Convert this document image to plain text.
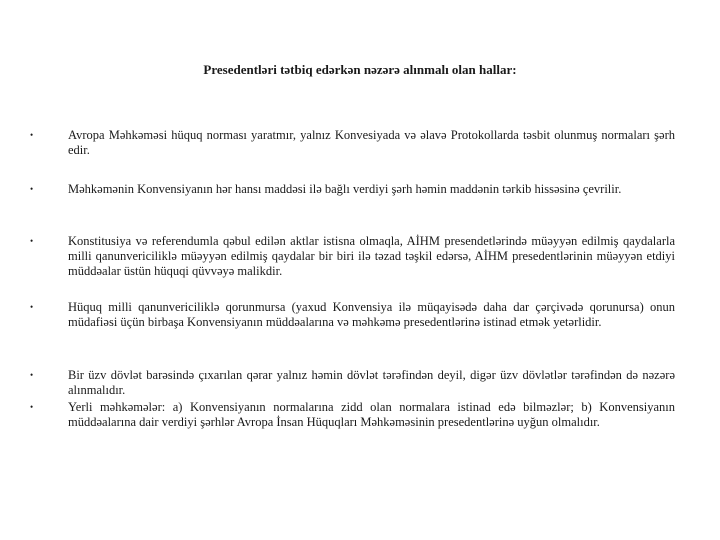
Presedentləri tətbiq edərkən nəzərə alınmalı olan hallar:
•	Avropa Məhkəməsi hüquq norması yaratmır, yalnız Konvesiyada və əlavə Protokollarda təsbit olunmuş normaları şərh edir.
•	Məhkəmənin Konvensiyanın hər hansı maddəsi ilə bağlı verdiyi şərh həmin maddənin tərkib hissəsinə çevrilir.
•	Konstitusiya və referendumla qəbul edilən aktlar istisna olmaqla, AİHM presendetlərində müəyyən edilmiş qaydalarla milli qanunvericiliklə müəyyən edilmiş qaydalar bir biri ilə təzad təşkil edərsə, AİHM presedentlərinin müəyyən etdiyi müddəalar üstün hüquqi qüvvəyə malikdir.
•	Hüquq milli qanunvericiliklə qorunmursa (yaxud Konvensiya ilə müqayisədə daha dar çərçivədə qorunursa) onun müdafiəsi üçün birbaşa Konvensiyanın müddəalarına və məhkəmə presedentlərinə istinad etmək yetərlidir.
•	Bir üzv dövlət barəsində çıxarılan qərar yalnız həmin dövlət tərəfindən deyil, digər üzv dövlətlər tərəfindən də nəzərə alınmalıdır.
•	Yerli məhkəmələr: a) Konvensiyanın normalarına zidd olan normalara istinad edə bilməzlər; b) Konvensiyanın müddəalarına dair verdiyi şərhlər Avropa İnsan Hüquqları Məhkəməsinin presedentlərinə uyğun olmalıdır.
